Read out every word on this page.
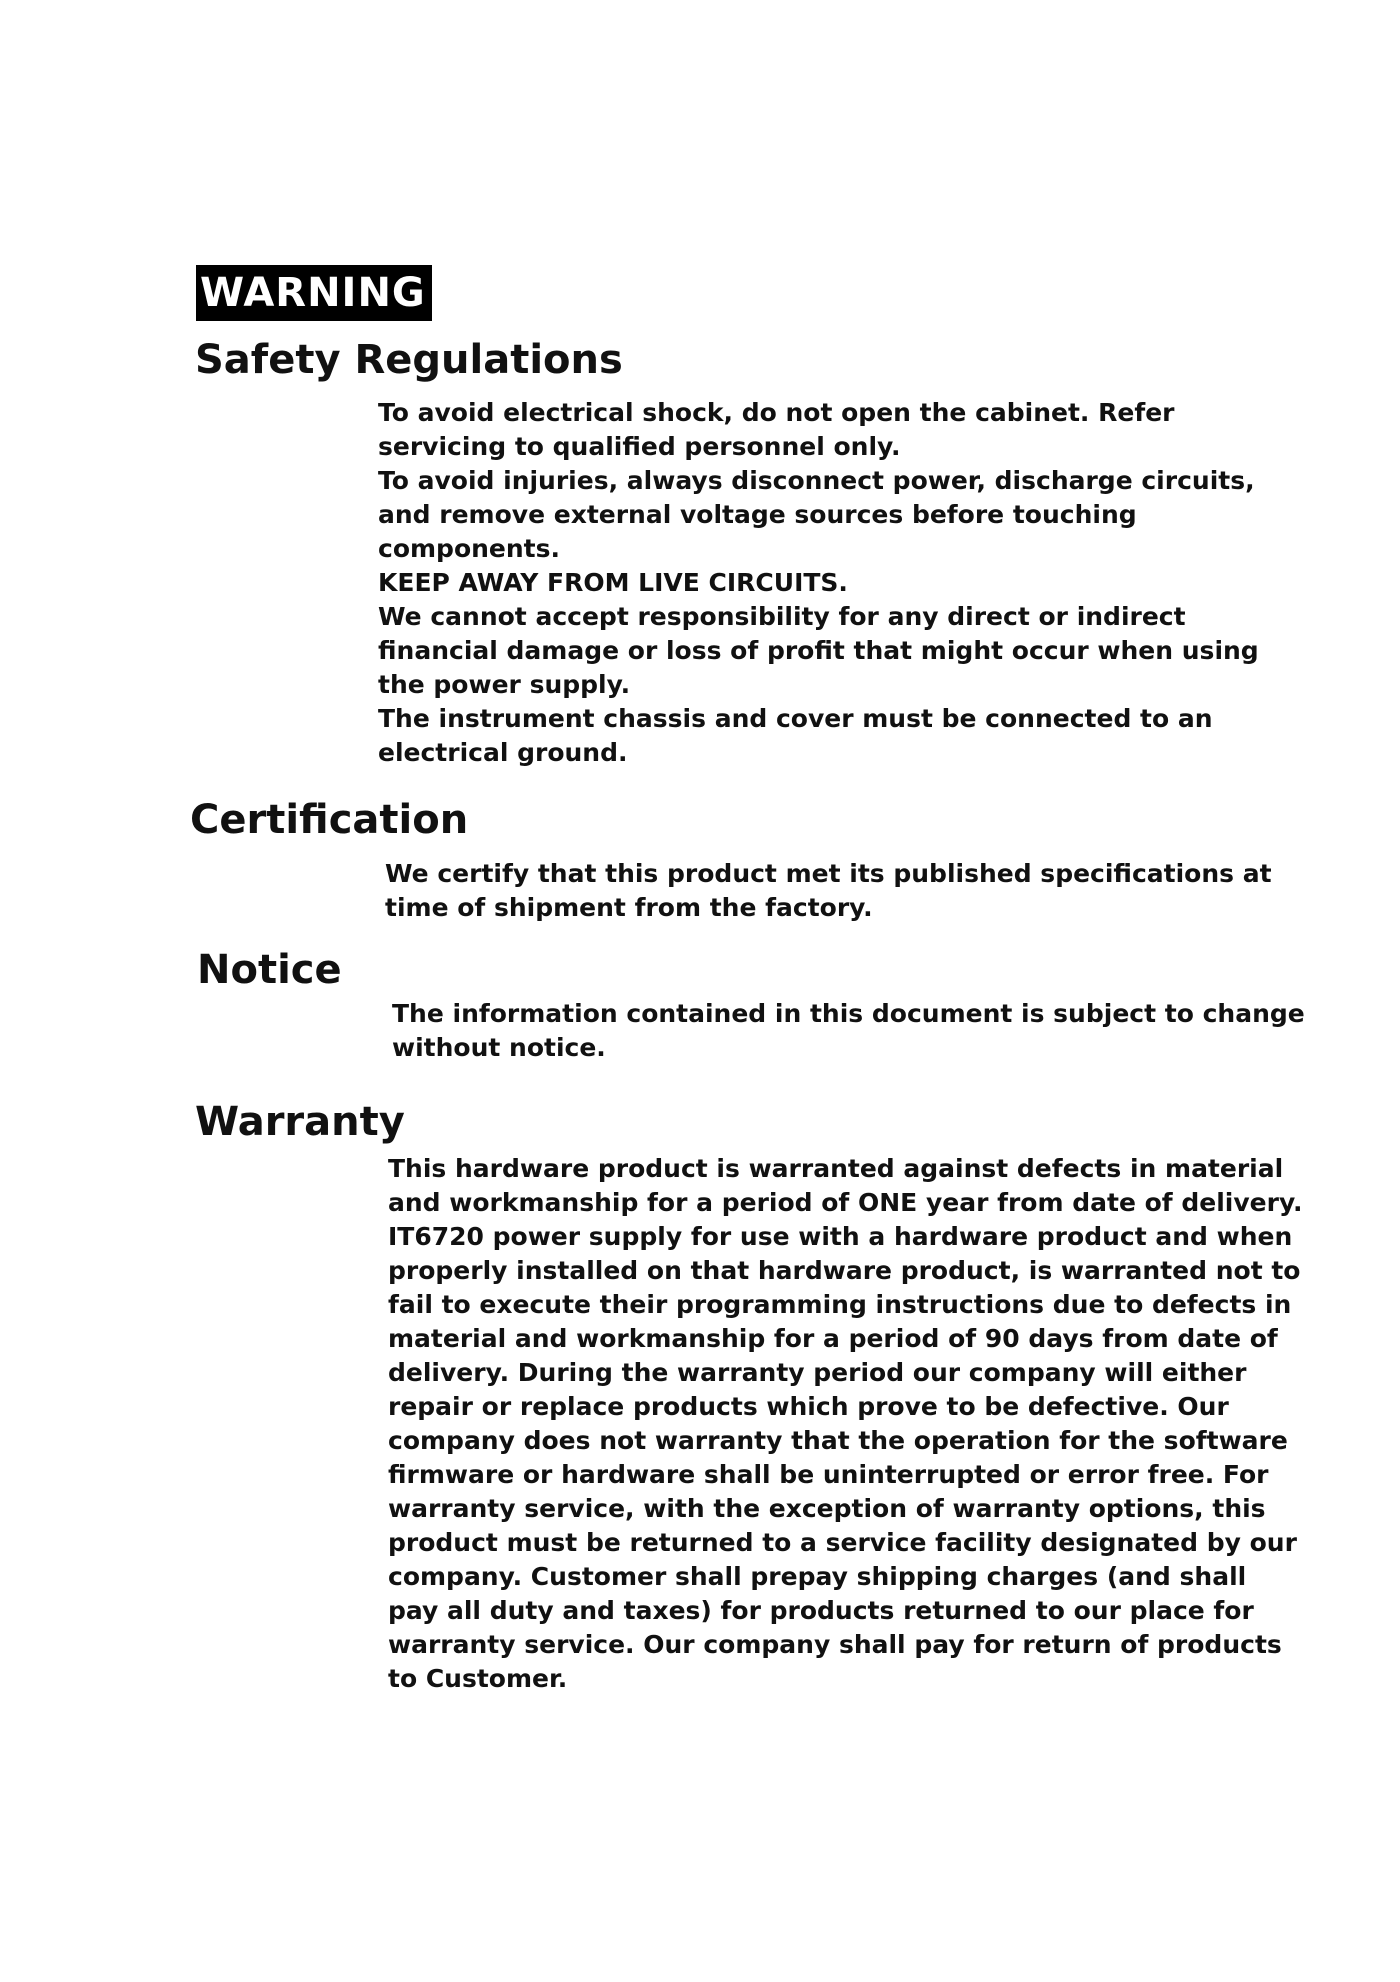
WARNING
Safety Regulations
To avoid electrical shock, do not open the cabinet. Refer
servicing to qualified personnel only.
To avoid injuries, always disconnect power, discharge circuits,
and remove external voltage sources before touching
components.
KEEP AWAY FROM LIVE CIRCUITS.
We cannot accept responsibility for any direct or indirect
financial damage or loss of profit that might occur when using
the power supply.
The instrument chassis and cover must be connected to an
electrical ground.
Certification
We certify that this product met its published specifications at
time of shipment from the factory.
Notice
The information contained in this document is subject to change
without notice.
Warranty
This hardware product is warranted against defects in material
and workmanship for a period of ONE year from date of delivery.
IT6720 power supply for use with a hardware product and when
properly installed on that hardware product, is warranted not to
fail to execute their programming instructions due to defects in
material and workmanship for a period of 90 days from date of
delivery. During the warranty period our company will either
repair or replace products which prove to be defective. Our
company does not warranty that the operation for the software
firmware or hardware shall be uninterrupted or error free. For
warranty service, with the exception of warranty options, this
product must be returned to a service facility designated by our
company. Customer shall prepay shipping charges (and shall
pay all duty and taxes) for products returned to our place for
warranty service. Our company shall pay for return of products
to Customer.
